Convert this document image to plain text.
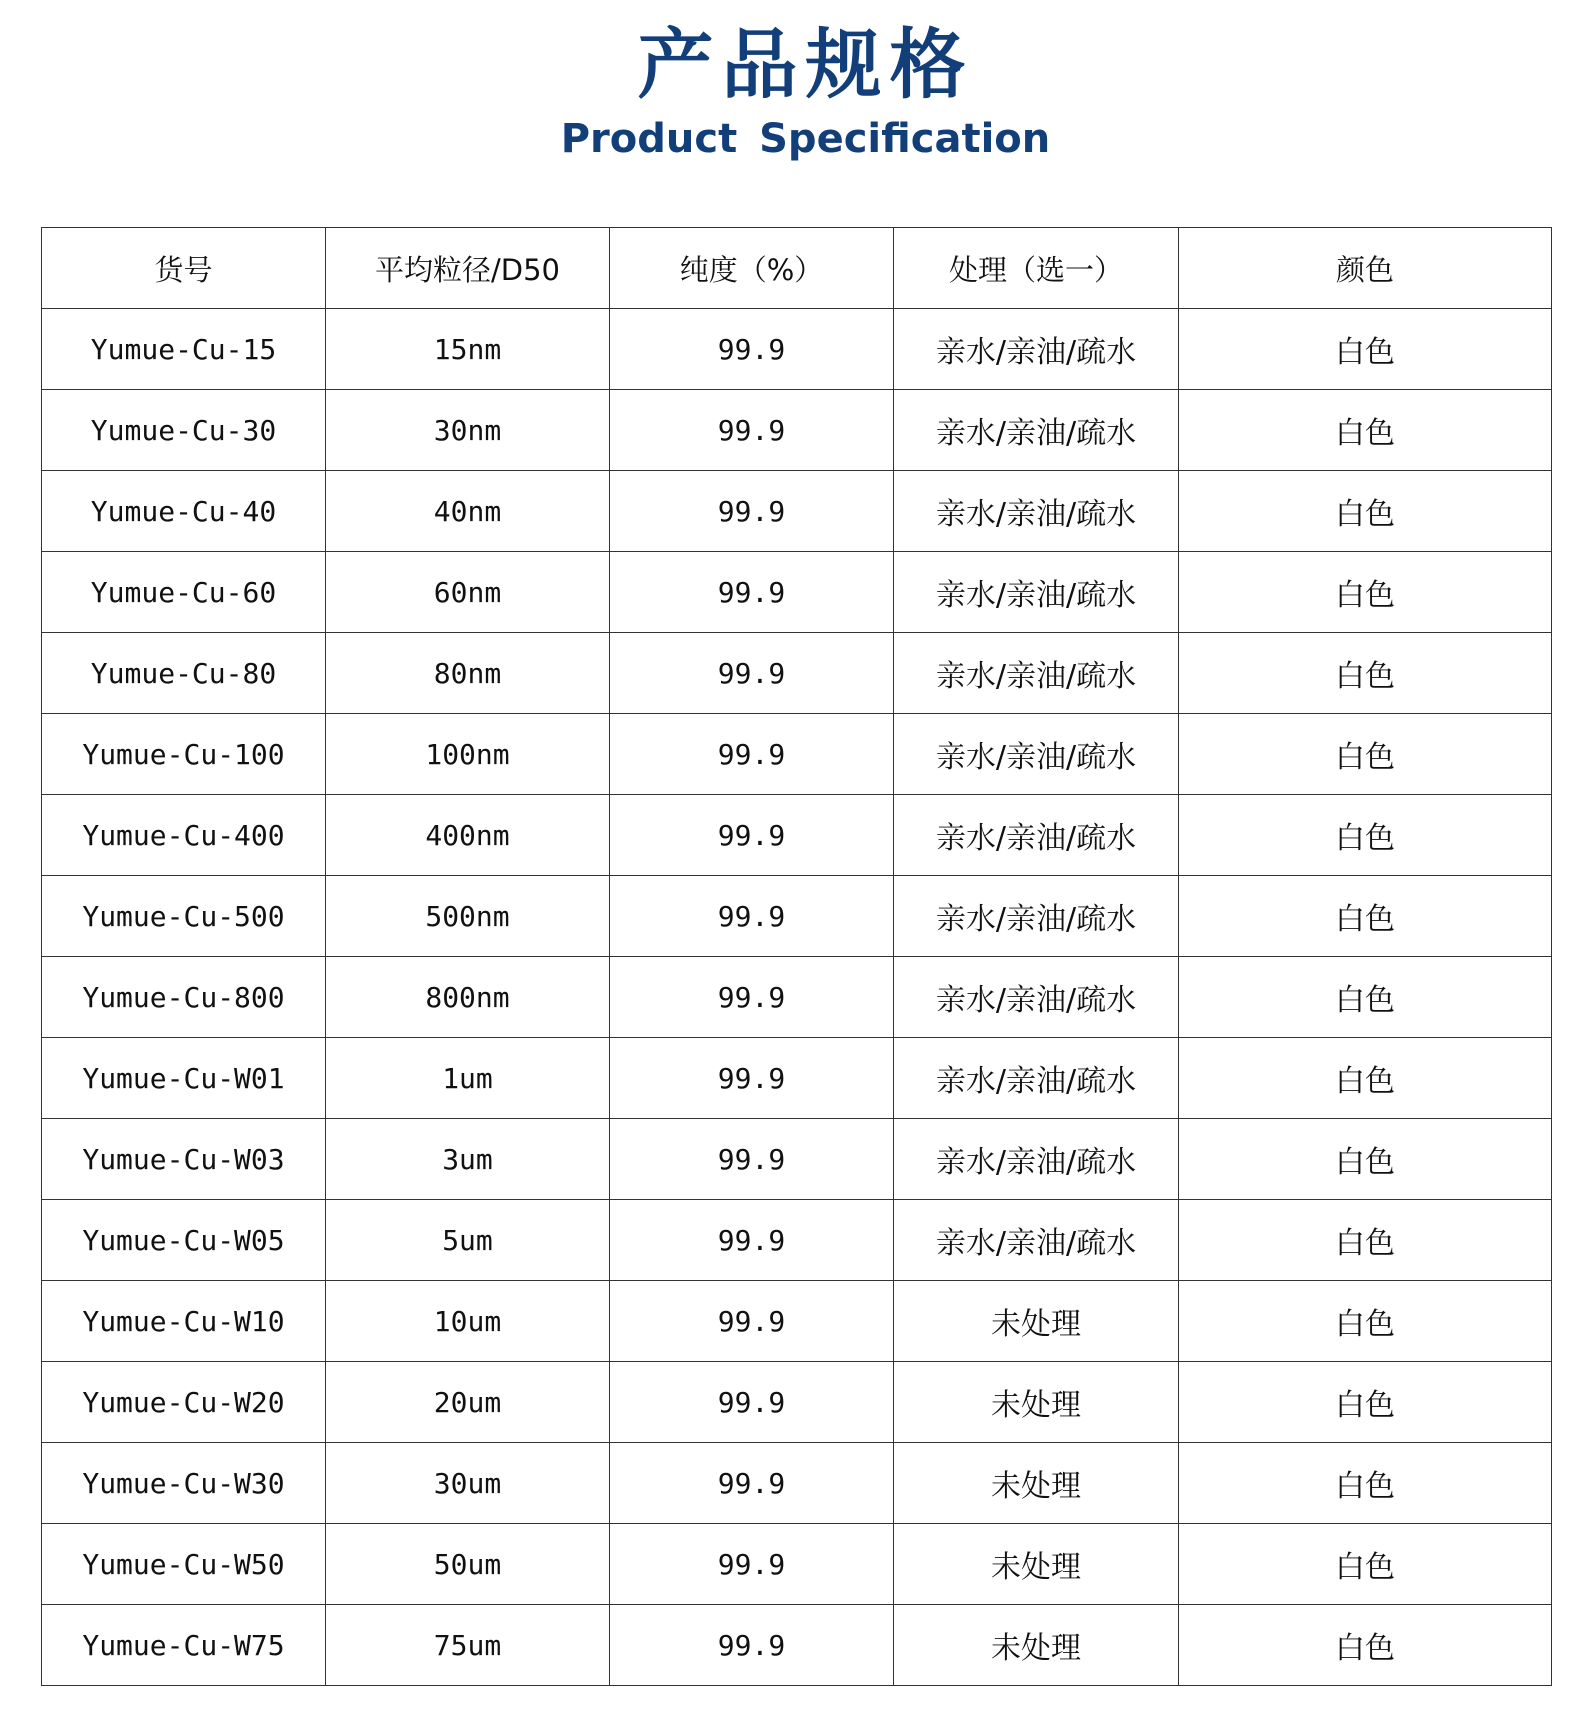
产品规格
Product Specification
货号	平均粒径/D50	纯度（%）	处理（选一）	颜色
Yumue-Cu-15	15nm	99.9	亲水/亲油/疏水	白色
Yumue-Cu-30	30nm	99.9	亲水/亲油/疏水	白色
Yumue-Cu-40	40nm	99.9	亲水/亲油/疏水	白色
Yumue-Cu-60	60nm	99.9	亲水/亲油/疏水	白色
Yumue-Cu-80	80nm	99.9	亲水/亲油/疏水	白色
Yumue-Cu-100	100nm	99.9	亲水/亲油/疏水	白色
Yumue-Cu-400	400nm	99.9	亲水/亲油/疏水	白色
Yumue-Cu-500	500nm	99.9	亲水/亲油/疏水	白色
Yumue-Cu-800	800nm	99.9	亲水/亲油/疏水	白色
Yumue-Cu-W01	1um	99.9	亲水/亲油/疏水	白色
Yumue-Cu-W03	3um	99.9	亲水/亲油/疏水	白色
Yumue-Cu-W05	5um	99.9	亲水/亲油/疏水	白色
Yumue-Cu-W10	10um	99.9	未处理	白色
Yumue-Cu-W20	20um	99.9	未处理	白色
Yumue-Cu-W30	30um	99.9	未处理	白色
Yumue-Cu-W50	50um	99.9	未处理	白色
Yumue-Cu-W75	75um	99.9	未处理	白色
